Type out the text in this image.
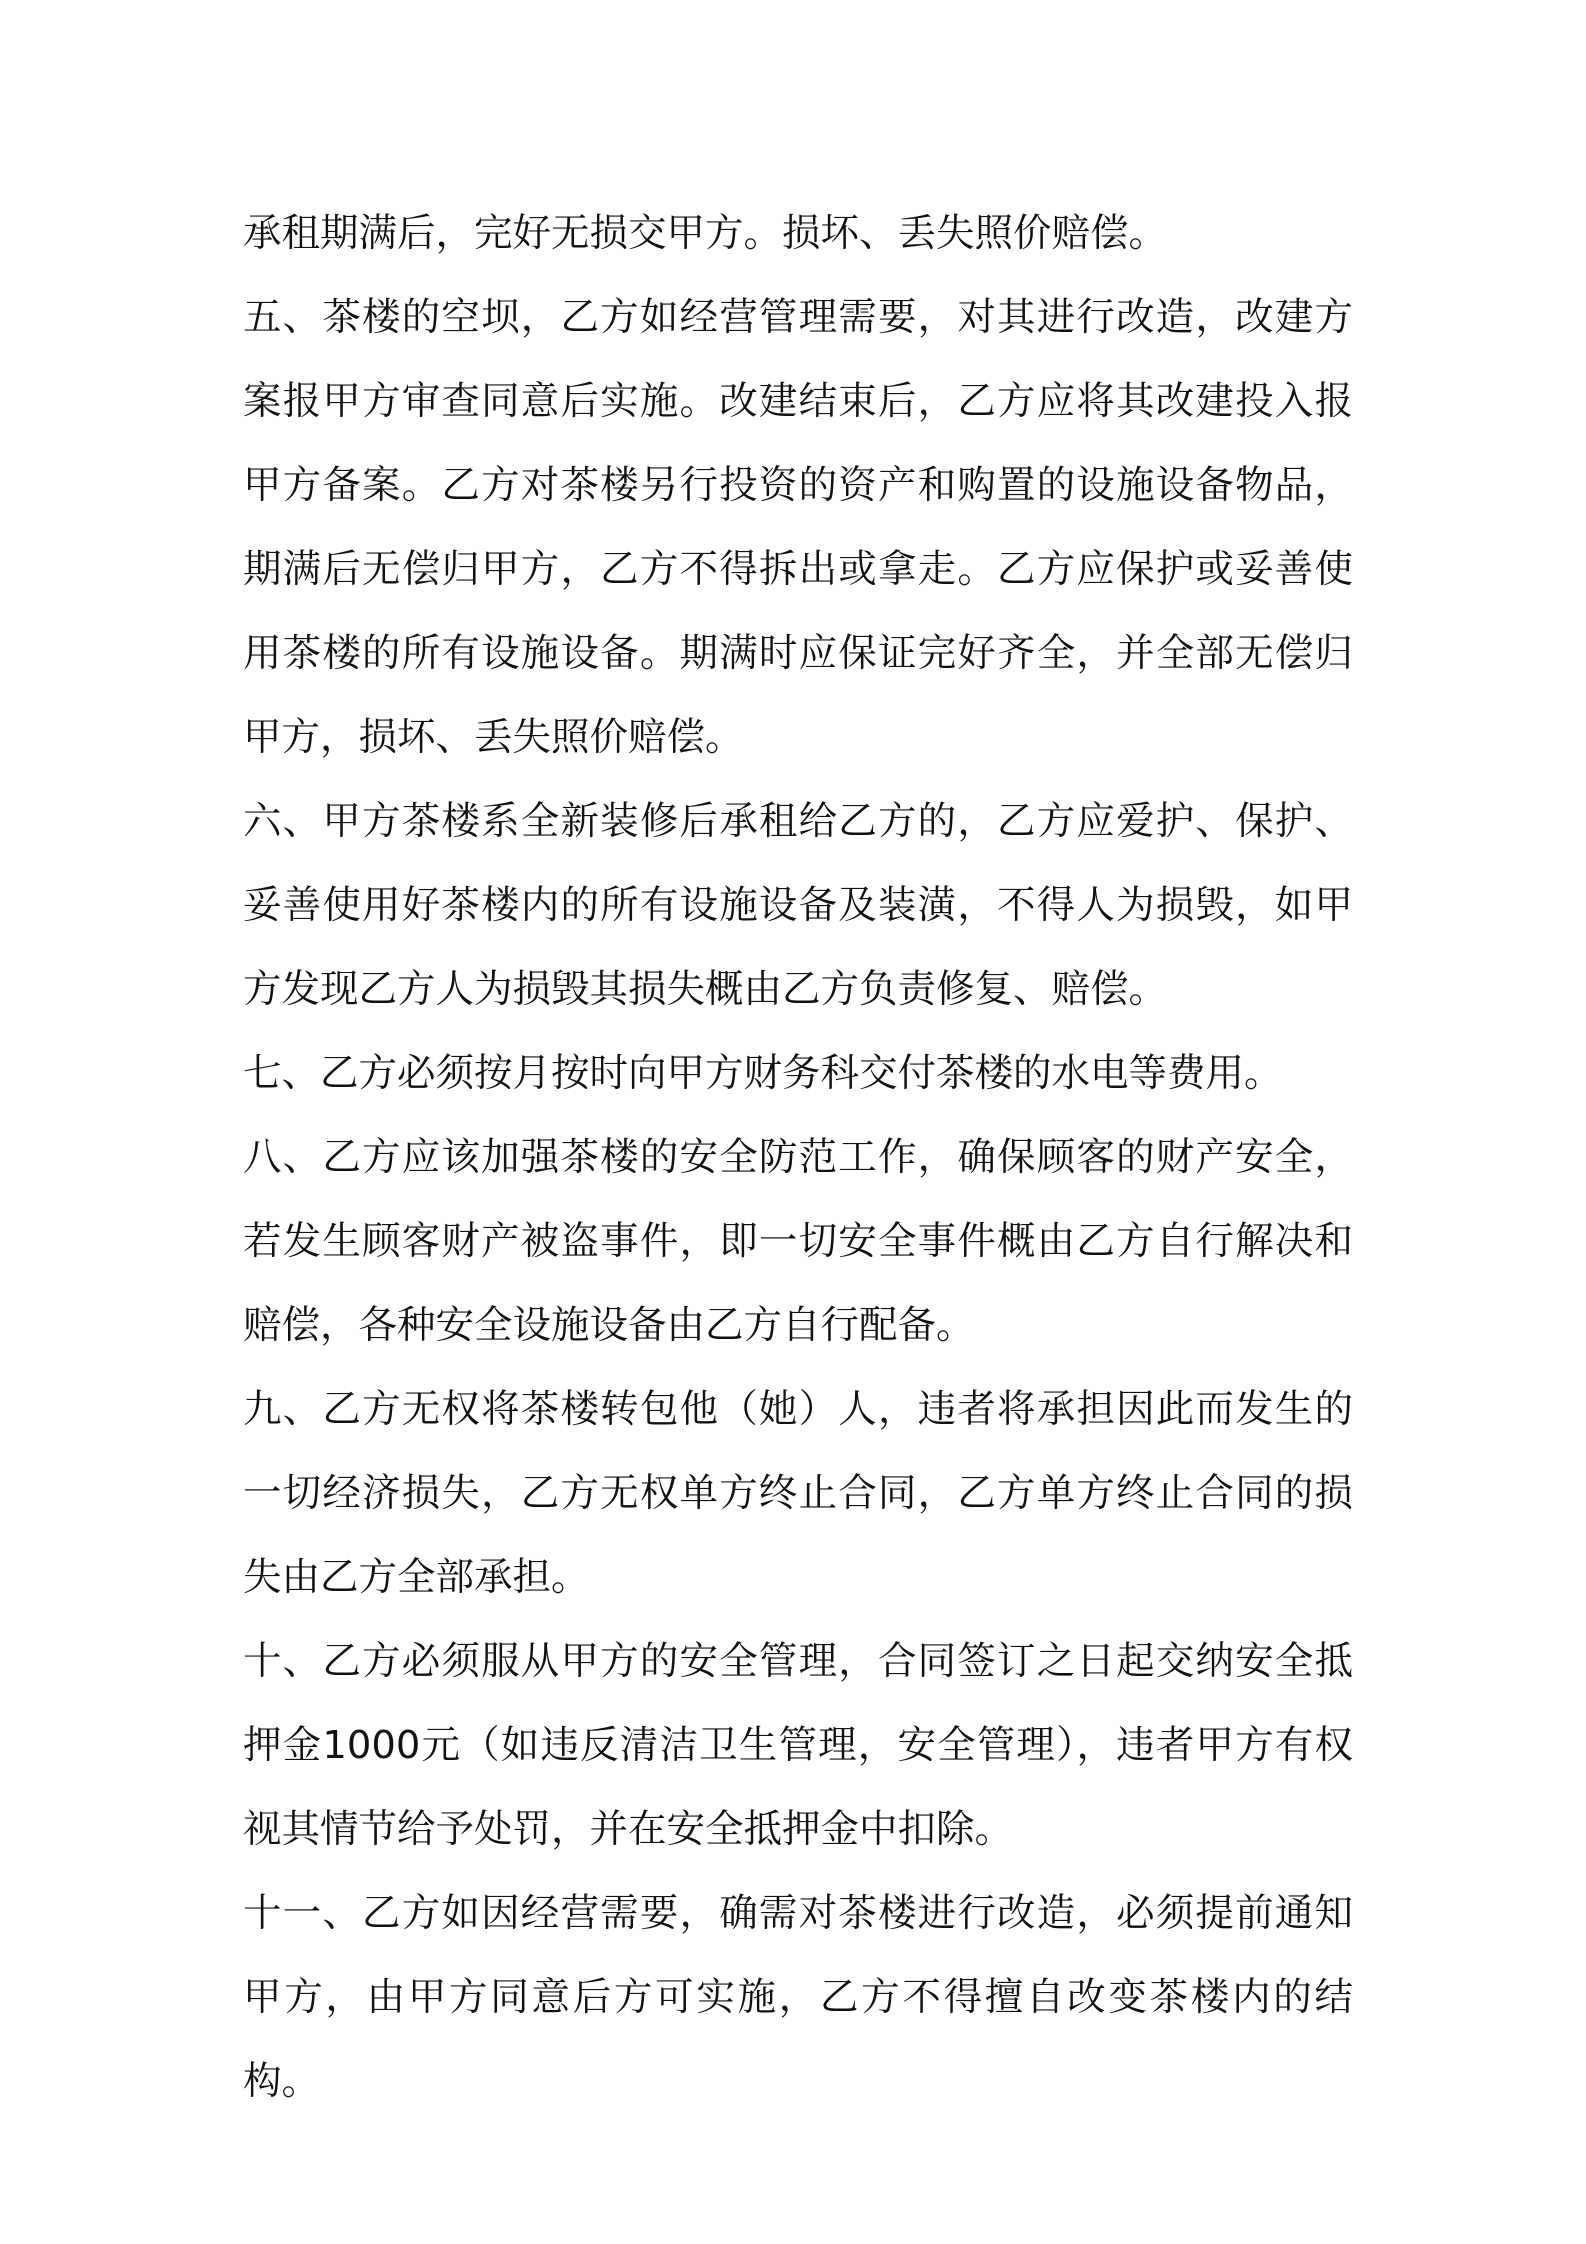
承租期满后，完好无损交甲方。损坏、丢失照价赔偿。

五、茶楼的空坝，乙方如经营管理需要，对其进行改造，改建方案报甲方审查同意后实施。改建结束后，乙方应将其改建投入报甲方备案。乙方对茶楼另行投资的资产和购置的设施设备物品，期满后无偿归甲方，乙方不得拆出或拿走。乙方应保护或妥善使用茶楼的所有设施设备。期满时应保证完好齐全，并全部无偿归甲方，损坏、丢失照价赔偿。

六、甲方茶楼系全新装修后承租给乙方的，乙方应爱护、保护、妥善使用好茶楼内的所有设施设备及装潢，不得人为损毁，如甲方发现乙方人为损毁其损失概由乙方负责修复、赔偿。

七、乙方必须按月按时向甲方财务科交付茶楼的水电等费用。

八、乙方应该加强茶楼的安全防范工作，确保顾客的财产安全，若发生顾客财产被盗事件，即一切安全事件概由乙方自行解决和赔偿，各种安全设施设备由乙方自行配备。

九、乙方无权将茶楼转包他（她）人，违者将承担因此而发生的一切经济损失，乙方无权单方终止合同，乙方单方终止合同的损失由乙方全部承担。

十、乙方必须服从甲方的安全管理，合同签订之日起交纳安全抵押金1000元（如违反清洁卫生管理，安全管理），违者甲方有权视其情节给予处罚，并在安全抵押金中扣除。

十一、乙方如因经营需要，确需对茶楼进行改造，必须提前通知甲方，由甲方同意后方可实施，乙方不得擅自改变茶楼内的结构。
